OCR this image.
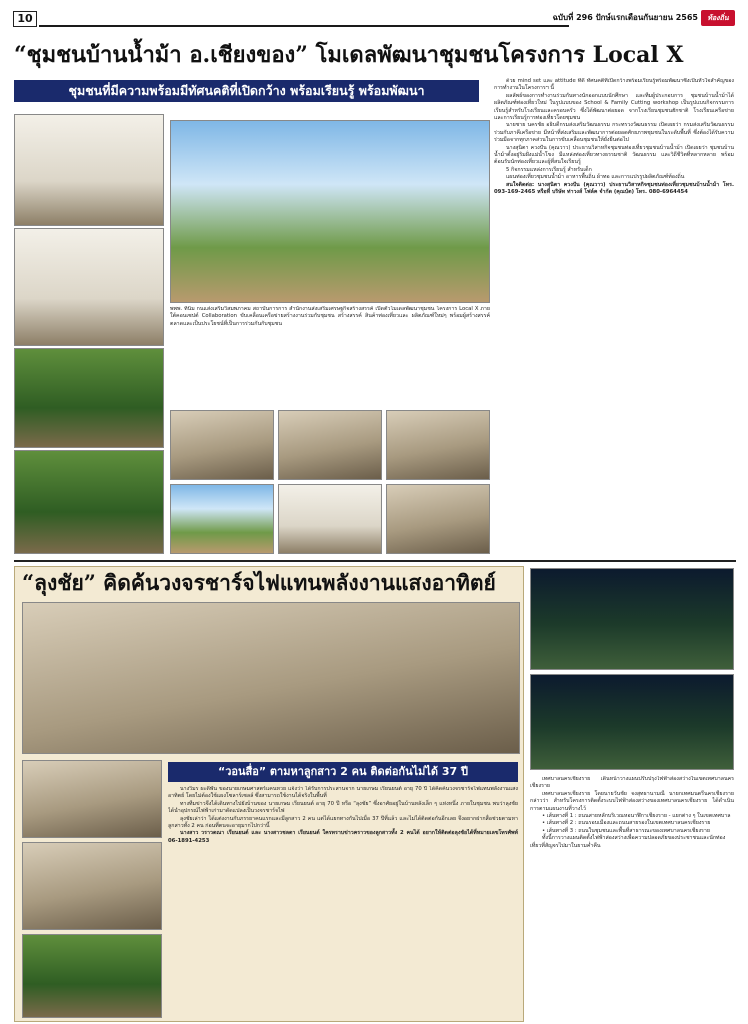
10	ฉบับที่ 296 ปักษ์แรกเดือนกันยายน 2565	ท้องถิ่น
“ชุมชนบ้านน้ำม้า อ.เชียงของ” โมเดลพัฒนาชุมชนโครงการ Local X
ชุมชนที่มีความพร้อมมีทัศนคติที่เปิดกว้าง พร้อมเรียนรู้ พร้อมพัฒนา
พพพ. ทินิม กนแส่งเสริมวิสมพภาคม สถาบันการการ สำนักงานส่งเสริมเศรษฐกิจสร้างสรรค์ เปิดตัวโมเดลพัฒนาชุมชน โครงการ Local X ภายใต้คอนเซปต์ Collaboration ขับเคลื่อนเครือข่ายสร้างงานร่วมกับชุมชน สร้างสรรค์ สินค้าท่องเที่ยวและ ผลิตภัณฑ์ใหม่ๆ พร้อมผู้สร้างสรรค์ตลาดและเป็นประโยชน์ที่เป็นการร่วมกันกับชุมชน

ด้วย mind set และ attitude ที่ดี ทัศนคติที่เปิดกว้างพร้อมเรียนรู้พร้อมพัฒนาซึ่งเป็นหัวใจสำคัญของการทำงานในโครงการฯ นี้

ผลลัพธ์ของการทำงานร่วมกันทางนักออกแบบนักศึกษา และทีมผู้ประกอบการ ชุมชนบ้านน้ำม้าได้ผลิตภัณฑ์ท่องเที่ยวใหม่ ในรูปแบบของ School & Family Cutting workshop เป็นรูปแบบกิจกรรมการเรียนรู้สำหรับโรงเรียนและครอบครัว ซึ่งได้พัฒนาต่อยอด จากโรงเรียนชุมชนฮักชาติ โรงเรียนเครือข่าย และการเรียนรู้การท่องเที่ยวโดยชุมชน

นายชาย นครชัย อธิบดีกรมส่งเสริมวัฒนธรรม กระทรวงวัฒนธรรม เปิดเผยว่า กรมส่งเสริมวัฒนธรรม ร่วมกับภาคีเครือข่าย มีหน้าที่ส่งเสริมและพัฒนาการต่อยอดศักยภาพชุมชนในระดับพื้นที่ ซึ่งต้องได้รับความร่วมมือจากทุกภาคส่วนในการขับเคลื่อนชุมชนให้ยั่งยืนต่อไป

นางสุนิตา ควงปัน (คุณวาว) ประธานวิสาหกิจชุมชนท่องเที่ยวชุมชนบ้านน้ำม้า เปิดเผยว่า ชุมชนบ้านน้ำม้าตั้งอยู่ริมฝั่งแม่น้ำโขง มีแหล่งท่องเที่ยวทางธรรมชาติ วัฒนธรรม และวิถีชีวิตที่หลากหลาย พร้อมต้อนรับนักท่องเที่ยวและผู้ที่สนใจเรียนรู้

5 กิจกรรมแหล่งการเรียนรู้ สำหรับเด็ก

แผนท่องเที่ยวชุมชนน้ำม้า อาหารพื้นถิ่น ผ้าทอ และการแปรรูปผลิตภัณฑ์ท้องถิ่น

สนใจติดต่อ: นางสุนิตา ควงปัน (คุณวาว) ประธานวิสาหกิจชุมชนท่องเที่ยวชุมชนบ้านน้ำม้า โทร. 093-169-2465 หรือที่ บริษัท ท่าวงส์ โฟล์ค จำกัด (คุณบัต) โทร. 080-6964454

“ลุงชัย” คิดค้นวงจรชาร์จไฟแทนพลังงานแสงอาทิตย์
“วอนสื่อ” ตามหาลูกสาว 2 คน ติดต่อกันไม่ได้ 37 ปี

นางวิมร ผะดีพัน ของนายเกษมศาสตร์แคนหวย แจ้งว่า ได้รับการประสานจาก นายเกษม เรียนยนต์ อายุ 70 ปี ได้คิดค้นวงจรชาร์จไฟแทนพลังงานแสงอาทิตย์ โดยไม่ต้องใช้แผงโซลาร์เซลล์ ซึ่งสามารถใช้งานได้จริงในพื้นที่

ทางทีมข่าวจึงได้เดินทางไปยังบ้านของ นายเกษม เรียนยนต์ อายุ 70 ปี หรือ “ลุงชัย” ซึ่งอาศัยอยู่ในบ้านหลังเล็ก ๆ แห่งหนึ่ง ภายในชุมชน พบว่าลุงชัยได้นำอุปกรณ์ไฟฟ้าเก่ามาดัดแปลงเป็นวงจรชาร์จไฟ

ลุงชัยเล่าว่า ได้แต่งงานกับภรรยาคนแรกและมีลูกสาว 2 คน แต่ได้แยกทางกันไปเมื่อ 37 ปีที่แล้ว และไม่ได้ติดต่อกันอีกเลย จึงอยากฝากสื่อช่วยตามหาลูกสาวทั้ง 2 คน ก่อนที่ตนจะอายุมากไปกว่านี้

นางสาว วราวดณา เรียนยนต์ และ นางสาวชลดา เรียนยนต์ ใครทราบข่าวคราวของลูกสาวทั้ง 2 คนได้ อยากให้ติดต่อลุงชัยได้ที่หมายเลขโทรศัพท์ 06-1891-4253

เทศบาลนครเชียงราย เดินหน้าวางแผนปรับปรุงไฟฟ้าส่องสว่างในเขตเทศบาลนครเชียงราย

เทศบาลนครเชียงราย โดยนายวันชัย จงสุทธานามณี นายกเทศมนตรีนครเชียงราย กล่าวว่า สำหรับโครงการติดตั้งระบบไฟฟ้าส่องสว่างของเทศบาลนครเชียงราย ได้ดำเนินการตามแผนงานที่วางไว้

• เส้นทางที่ 1 : ถนนสายหลักบริเวณหอนาฬิกาเชียงราย - แยกต่าง ๆ ในเขตเทศบาล

• เส้นทางที่ 2 : ถนนรอบเมืองและถนนสายรองในเขตเทศบาลนครเชียงราย

• เส้นทางที่ 3 : ถนนในชุมชนและพื้นที่สาธารณะของเทศบาลนครเชียงราย

ทั้งนี้การวางแผนติดตั้งไฟฟ้าส่องสว่างเพื่อความปลอดภัยของประชาชนและนักท่องเที่ยวที่สัญจรไปมาในยามค่ำคืน
